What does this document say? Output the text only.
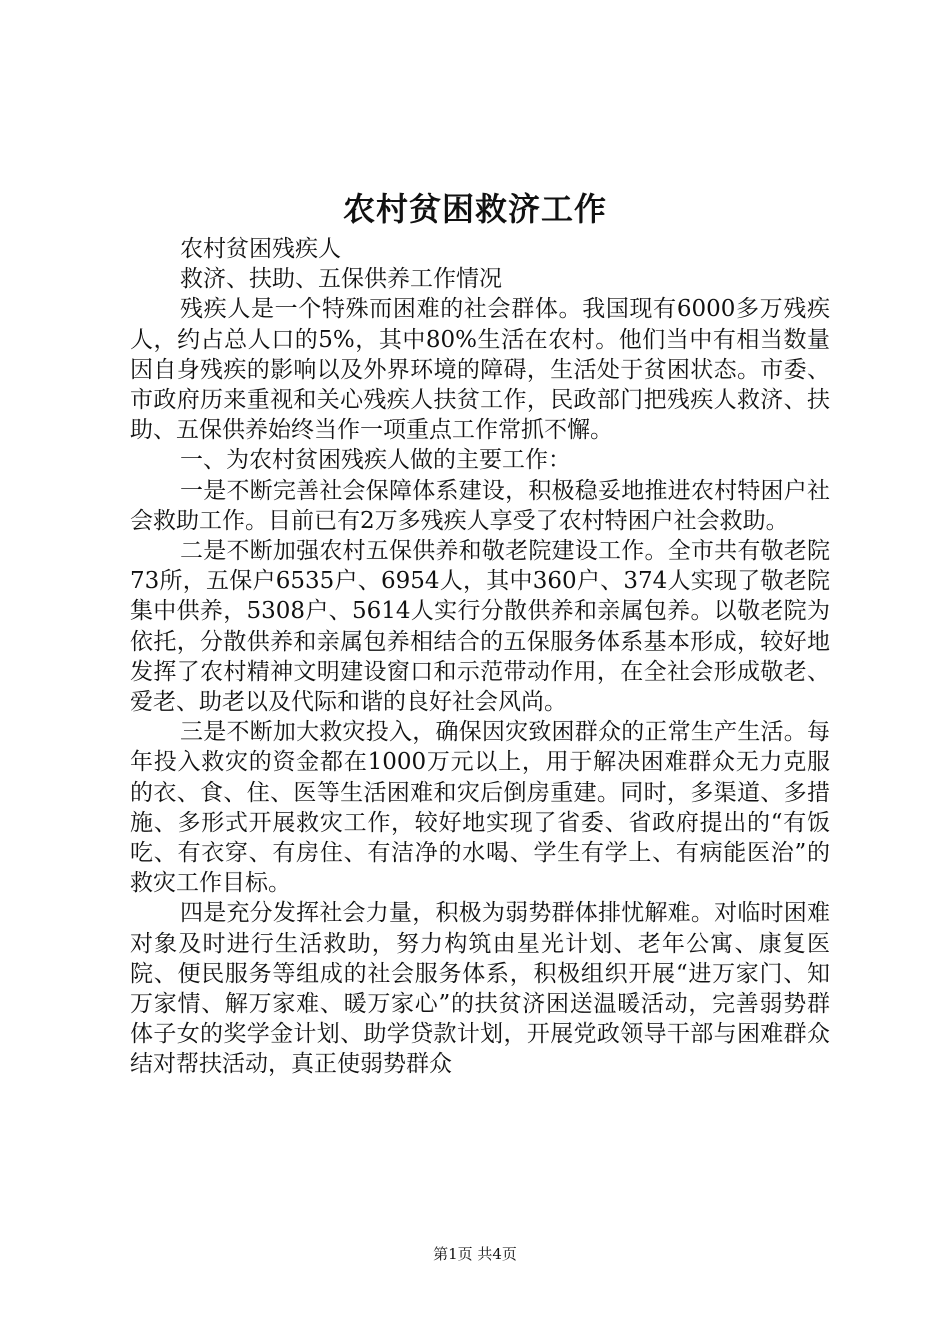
农村贫困救济工作

农村贫困残疾人

救济、扶助、五保供养工作情况

残疾人是一个特殊而困难的社会群体。我国现有6000多万残疾人，约占总人口的5%，其中80%生活在农村。他们当中有相当数量因自身残疾的影响以及外界环境的障碍，生活处于贫困状态。市委、市政府历来重视和关心残疾人扶贫工作，民政部门把残疾人救济、扶助、五保供养始终当作一项重点工作常抓不懈。

一、为农村贫困残疾人做的主要工作：

一是不断完善社会保障体系建设，积极稳妥地推进农村特困户社会救助工作。目前已有2万多残疾人享受了农村特困户社会救助。

二是不断加强农村五保供养和敬老院建设工作。全市共有敬老院73所，五保户6535户、6954人，其中360户、374人实现了敬老院集中供养，5308户、5614人实行分散供养和亲属包养。以敬老院为依托，分散供养和亲属包养相结合的五保服务体系基本形成，较好地发挥了农村精神文明建设窗口和示范带动作用，在全社会形成敬老、爱老、助老以及代际和谐的良好社会风尚。

三是不断加大救灾投入，确保因灾致困群众的正常生产生活。每年投入救灾的资金都在1000万元以上，用于解决困难群众无力克服的衣、食、住、医等生活困难和灾后倒房重建。同时，多渠道、多措施、多形式开展救灾工作，较好地实现了省委、省政府提出的“有饭吃、有衣穿、有房住、有洁净的水喝、学生有学上、有病能医治”的救灾工作目标。

四是充分发挥社会力量，积极为弱势群体排忧解难。对临时困难对象及时进行生活救助，努力构筑由星光计划、老年公寓、康复医院、便民服务等组成的社会服务体系，积极组织开展“进万家门、知万家情、解万家难、暖万家心”的扶贫济困送温暖活动，完善弱势群体子女的奖学金计划、助学贷款计划，开展党政领导干部与困难群众结对帮扶活动，真正使弱势群众

第1页 共4页
